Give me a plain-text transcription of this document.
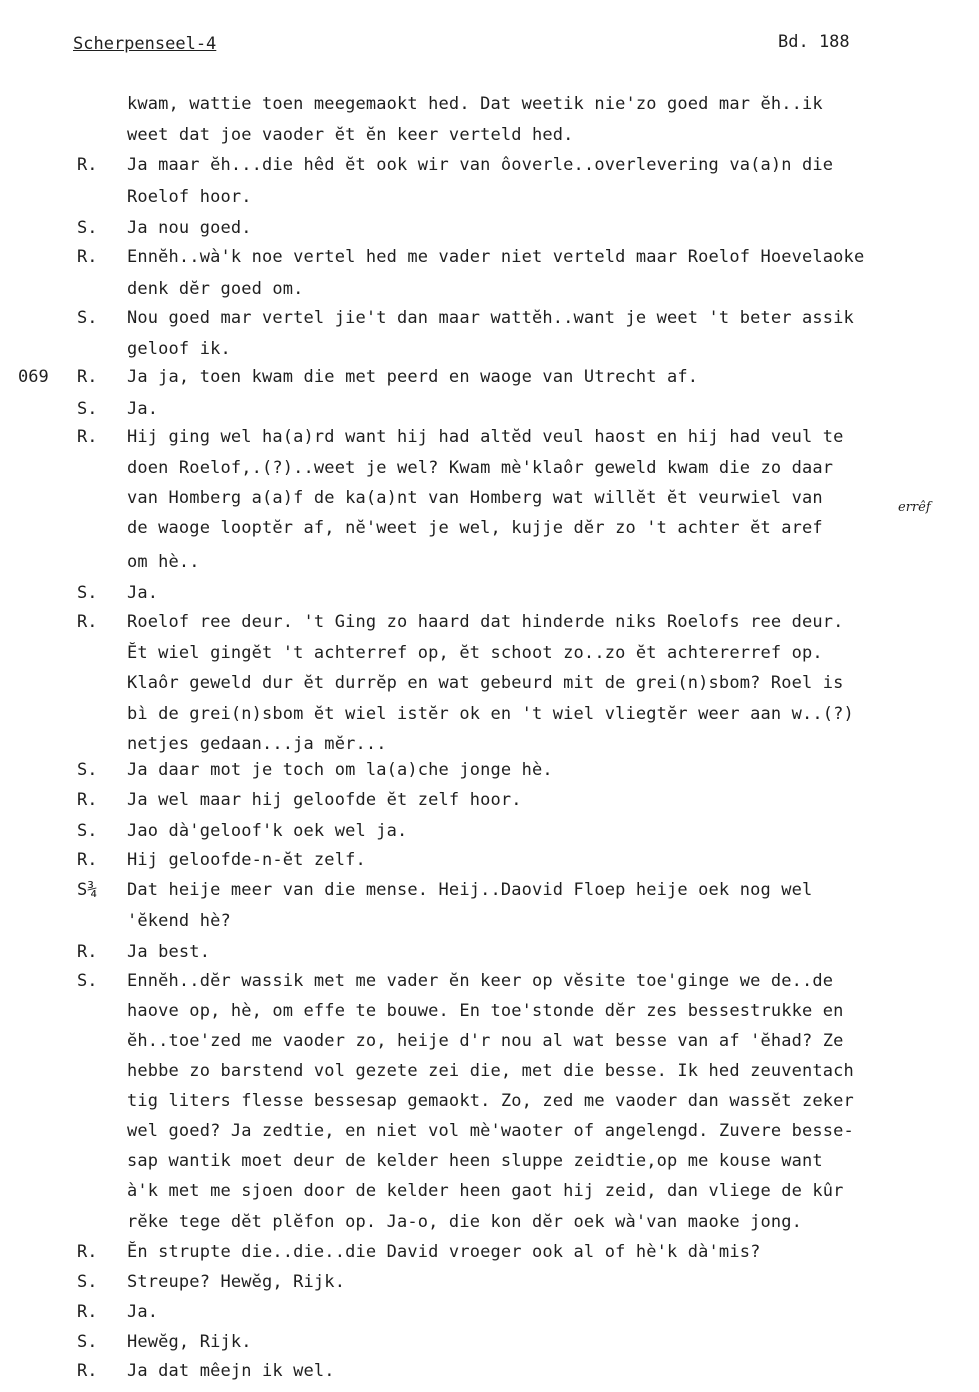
Scherpenseel-4	Bd. 188
errêf
kwam, wattie toen meegemaokt hed. Dat weetik nie'zo goed mar ĕh..ik
weet dat joe vaoder ĕt ĕn keer verteld hed.
R. Ja maar ĕh...die hêd ĕt ook wir van ôoverle..overlevering va(a)n die
Roelof hoor.
S. Ja nou goed.
R. Ennĕh..wà'k noe vertel hed me vader niet verteld maar Roelof Hoevelaoke
denk dĕr goed om.
S. Nou goed mar vertel jie't dan maar wattĕh..want je weet 't beter assik
geloof ik.
069 R. Ja ja, toen kwam die met peerd en waoge van Utrecht af.
S. Ja.
R. Hij ging wel ha(a)rd want hij had altĕd veul haost en hij had veul te
doen Roelof,.(?)..weet je wel? Kwam mè'klaôr geweld kwam die zo daar
van Homberg a(a)f de ka(a)nt van Homberg wat willĕt ĕt veurwiel van
de waoge looptĕr af, nĕ'weet je wel, kujje dĕr zo 't achter ĕt aref
om hè..
S. Ja.
R. Roelof ree deur. 't Ging zo haard dat hinderde niks Roelofs ree deur.
Ĕt wiel gingĕt 't achterref op, ĕt schoot zo..zo ĕt achtererref op.
Klaôr geweld dur ĕt durrĕp en wat gebeurd mit de grei(n)sbom? Roel is
bì de grei(n)sbom ĕt wiel istĕr ok en 't wiel vliegtĕr weer aan w..(?)
netjes gedaan...ja mĕr...
S. Ja daar mot je toch om la(a)che jonge hè.
R. Ja wel maar hij geloofde ĕt zelf hoor.
S. Jao dà'geloof'k oek wel ja.
R. Hij geloofde-n-ĕt zelf.
S¾ Dat heije meer van die mense. Heij..Daovid Floep heije oek nog wel
'ĕkend hè?
R. Ja best.
S. Ennĕh..dĕr wassik met me vader ĕn keer op vĕsite toe'ginge we de..de
haove op, hè, om effe te bouwe. En toe'stonde dĕr zes bessestrukke en
ĕh..toe'zed me vaoder zo, heije d'r nou al wat besse van af 'ĕhad? Ze
hebbe zo barstend vol gezete zei die, met die besse. Ik hed zeuventach
tig liters flesse bessesap gemaokt. Zo, zed me vaoder dan wassĕt zeker
wel goed? Ja zedtie, en niet vol mè'waoter of angelengd. Zuvere besse-
sap wantik moet deur de kelder heen sluppe zeidtie,op me kouse want
à'k met me sjoen door de kelder heen gaot hij zeid, dan vliege de kûr
rĕke tege dĕt plĕfon op. Ja-o, die kon dĕr oek wà'van maoke jong.
R. Ĕn strupte die..die..die David vroeger ook al of hè'k dà'mis?
S. Streupe? Hewĕg, Rijk.
R. Ja.
S. Hewĕg, Rijk.
R. Ja dat mêejn ik wel.
